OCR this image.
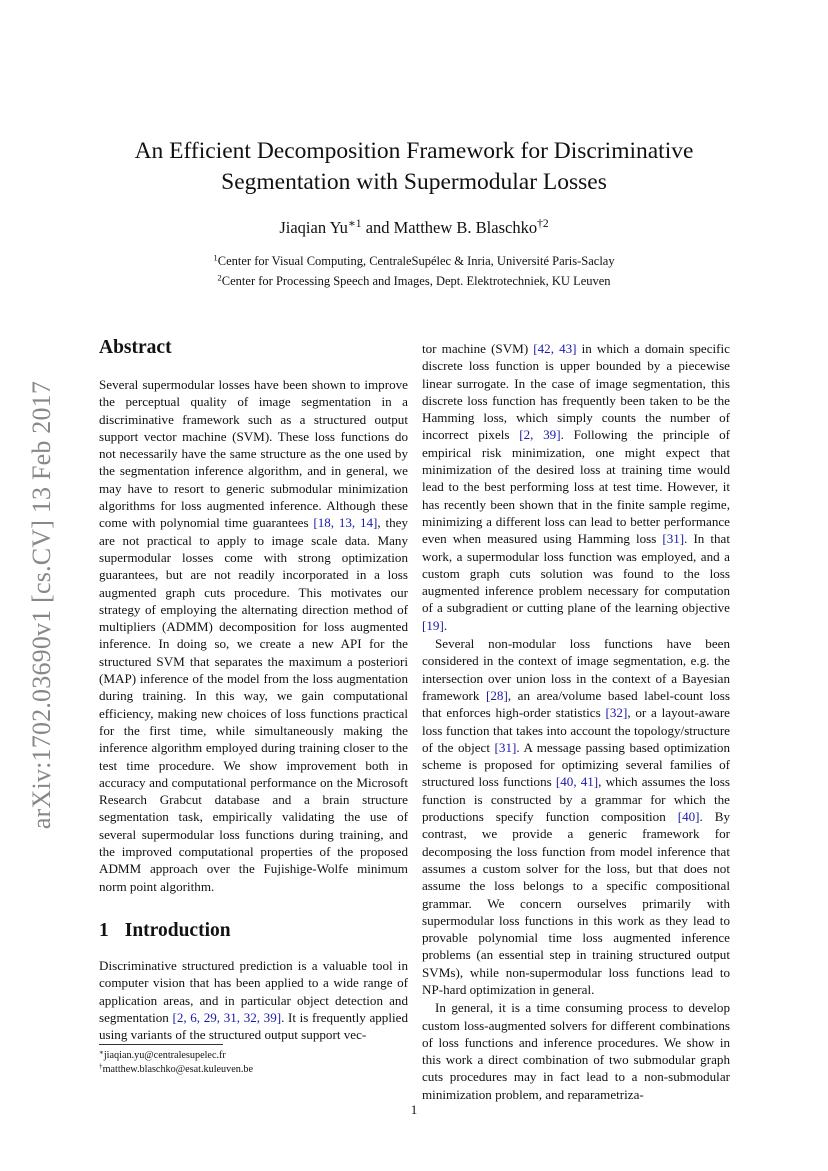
arXiv:1702.03690v1 [cs.CV] 13 Feb 2017
An Efficient Decomposition Framework for Discriminative
Segmentation with Supermodular Losses
Jiaqian $Yu^{∗1}$ and Matthew B. Blaschko$^{\dagger 2}$
$^1$Center for Visual Computing, CentraleSupélec & Inria, Université Paris-Saclay
$^2$Center for Processing Speech and Images, Dept. Elektrotechniek, KU Leuven
Abstract

Several supermodular losses have been shown to improve the perceptual quality of image segmentation in a discriminative framework such as a structured output support vector machine (SVM). These loss functions do not necessarily have the same structure as the one used by the segmentation inference algorithm, and in general, we may have to resort to generic submodular minimization algorithms for loss augmented inference. Although these come with polynomial time guarantees [18, 13, 14], they are not practical to apply to image scale data. Many supermodular losses come with strong optimization guarantees, but are not readily incorporated in a loss augmented graph cuts procedure. This motivates our strategy of employing the alternating direction method of multipliers (ADMM) decomposition for loss augmented inference. In doing so, we create a new API for the structured SVM that separates the maximum a posteriori (MAP) inference of the model from the loss augmentation during training. In this way, we gain computational efficiency, making new choices of loss functions practical for the first time, while simultaneously making the inference algorithm employed during training closer to the test time procedure. We show improvement both in accuracy and computational performance on the Microsoft Research Grabcut database and a brain structure segmentation task, empirically validating the use of several supermodular loss functions during training, and the improved computational properties of the proposed ADMM approach over the Fujishige-Wolfe minimum norm point algorithm.

1 Introduction

Discriminative structured prediction is a valuable tool in computer vision that has been applied to a wide range of application areas, and in particular object detection and segmentation [2, 6, 29, 31, 32, 39]. It is frequently applied using variants of the structured output support vec-

∗jiaqian.yu@centralesupelec.fr
†matthew.blaschko@esat.kuleuven.be

tor machine (SVM) [42, 43] in which a domain specific discrete loss function is upper bounded by a piecewise linear surrogate. In the case of image segmentation, this discrete loss function has frequently been taken to be the Hamming loss, which simply counts the number of incorrect pixels [2, 39]. Following the principle of empirical risk minimization, one might expect that minimization of the desired loss at training time would lead to the best performing loss at test time. However, it has recently been shown that in the finite sample regime, minimizing a different loss can lead to better performance even when measured using Hamming loss [31]. In that work, a supermodular loss function was employed, and a custom graph cuts solution was found to the loss augmented inference problem necessary for computation of a subgradient or cutting plane of the learning objective [19].

Several non-modular loss functions have been considered in the context of image segmentation, e.g. the intersection over union loss in the context of a Bayesian framework [28], an area/volume based label-count loss that enforces high-order statistics [32], or a layout-aware loss function that takes into account the topology/structure of the object [31]. A message passing based optimization scheme is proposed for optimizing several families of structured loss functions [40, 41], which assumes the loss function is constructed by a grammar for which the productions specify function composition [40]. By contrast, we provide a generic framework for decomposing the loss function from model inference that assumes a custom solver for the loss, but that does not assume the loss belongs to a specific compositional grammar. We concern ourselves primarily with supermodular loss functions in this work as they lead to provable polynomial time loss augmented inference problems (an essential step in training structured output SVMs), while non-supermodular loss functions lead to NP-hard optimization in general.

In general, it is a time consuming process to develop custom loss-augmented solvers for different combinations of loss functions and inference procedures. We show in this work a direct combination of two submodular graph cuts procedures may in fact lead to a non-submodular minimization problem, and reparametriza-

1
